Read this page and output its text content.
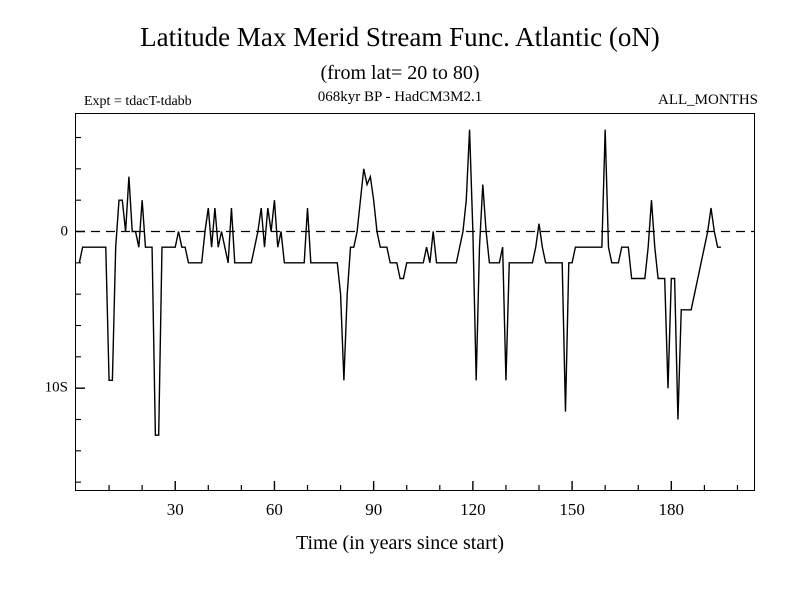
Latitude Max Merid Stream Func. Atlantic (oN)
(from lat= 20 to 80)
Expt = tdacT-tdabb	068kyr BP - HadCM3M2.1	ALL_MONTHS
Time (in years since start)
30	60	90	120	150	180
0
10S
